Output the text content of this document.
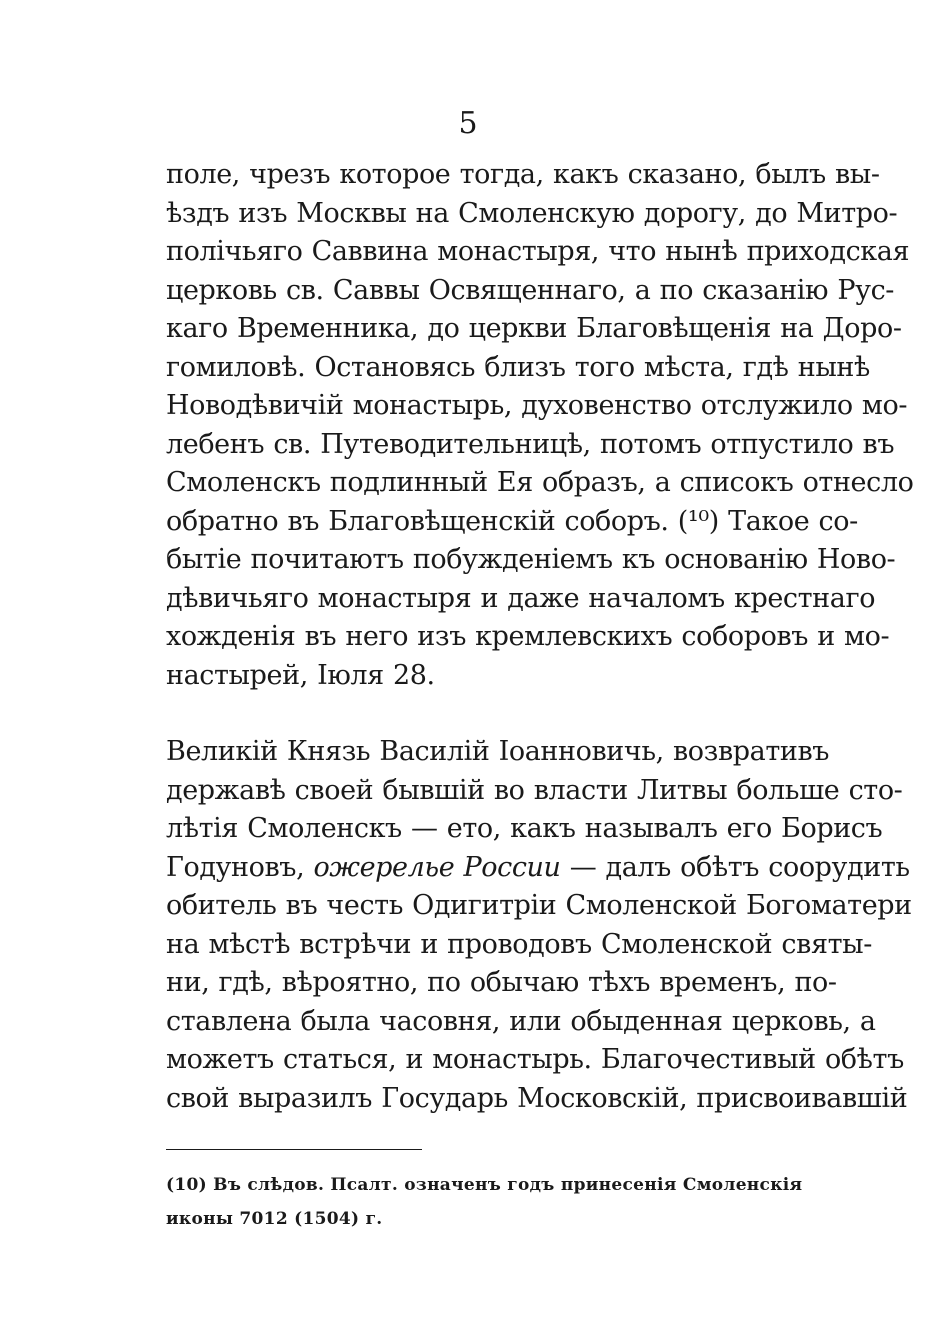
5
поле, чрезъ которое тогда, какъ сказано, былъ вы-
ѣздъ изъ Москвы на Смоленскую дорогу, до Митро-
полічьяго Саввина монастыря, что нынѣ приходская
церковь св. Саввы Освященнаго, а по сказанію Рус-
каго Временника, до церкви Благовѣщенія на Доро-
гомиловѣ. Остановясь близъ того мѣста, гдѣ нынѣ
Новодѣвичій монастырь, духовенство отслужило мо-
лебенъ св. Путеводительницѣ, потомъ отпустило въ
Смоленскъ подлинный Ея образъ, а списокъ отнесло
обратно въ Благовѣщенскій соборъ. (¹⁰) Такое со-
бытіе почитаютъ побужденіемъ къ основанію Ново-
дѣвичьяго монастыря и даже началомъ крестнаго
хожденія въ него изъ кремлевскихъ соборовъ и мо-
настырей, Іюля 28.
Великій Князь Василій Іоанновичь, возвративъ
державѣ своей бывшій во власти Литвы больше сто-
лѣтія Смоленскъ — ето, какъ называлъ его Борисъ
Годуновъ, ожерелье России — далъ обѣтъ соорудить
обитель въ честь Одигитріи Смоленской Богоматери
на мѣстѣ встрѣчи и проводовъ Смоленской святы-
ни, гдѣ, вѣроятно, по обычаю тѣхъ временъ, по-
ставлена была часовня, или обыденная церковь, а
можетъ статься, и монастырь. Благочестивый обѣтъ
свой выразилъ Государь Московскій, присвоивавшій
(10) Въ слѣдов. Псалт. означенъ годъ принесенія Смоленскія
иконы 7012 (1504) г.
